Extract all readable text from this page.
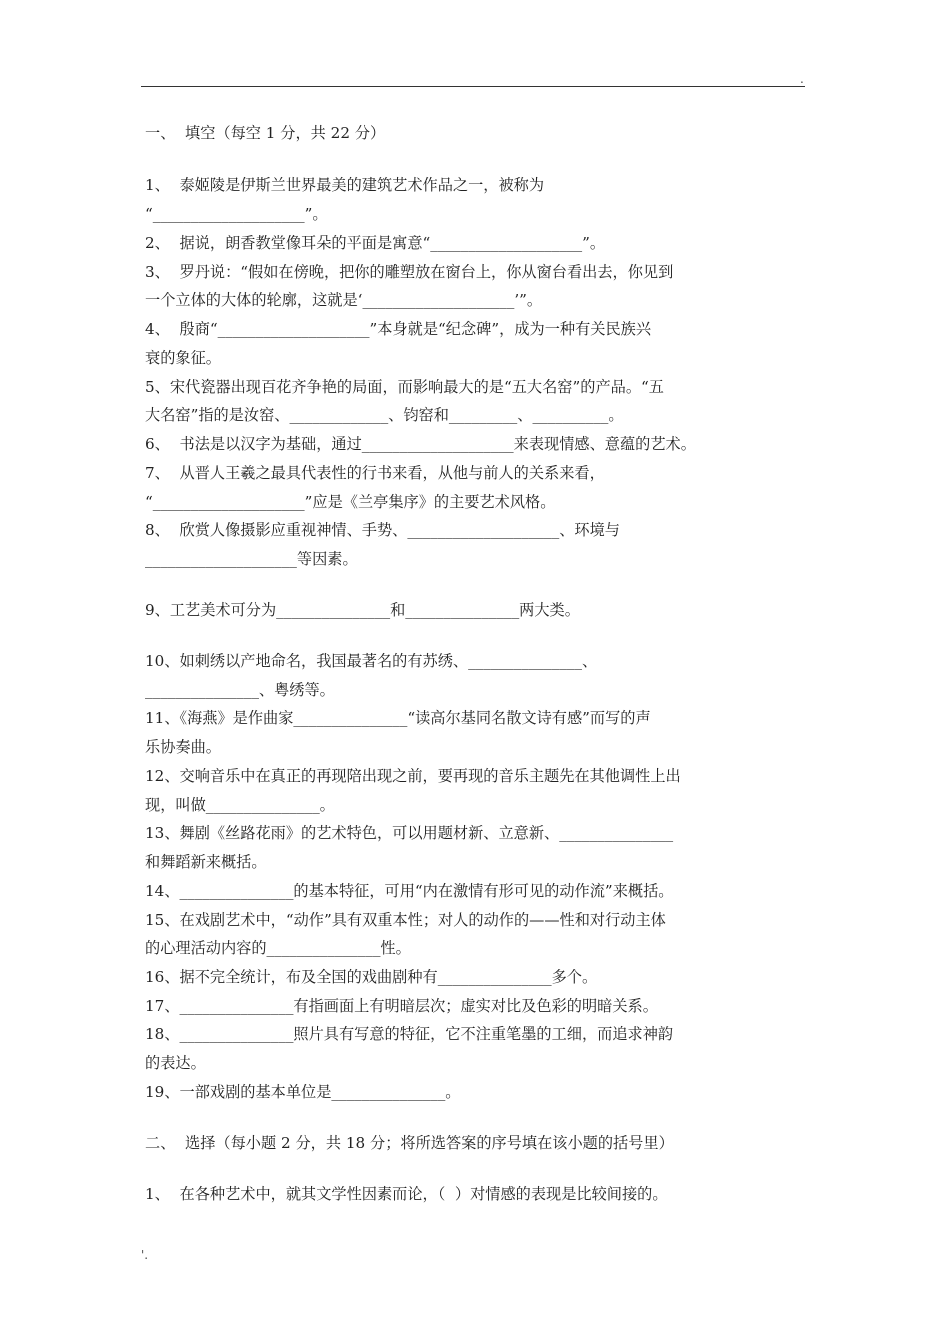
.
一、  填空（每空 1 分，共 22 分）
1、  泰姬陵是伊斯兰世界最美的建筑艺术作品之一，被称为
“____________________”。
2、  据说，朗香教堂像耳朵的平面是寓意“____________________”。
3、  罗丹说：“假如在傍晚，把你的雕塑放在窗台上，你从窗台看出去，你见到
一个立体的大体的轮廓，这就是‘____________________’”。
4、  殷商“____________________”本身就是“纪念碑”，成为一种有关民族兴
衰的象征。
5、宋代瓷器出现百花齐争艳的局面，而影响最大的是“五大名窑”的产品。“五
大名窑”指的是汝窑、_____________、钧窑和_________、__________。
6、  书法是以汉字为基础，通过____________________来表现情感、意蕴的艺术。
7、  从晋人王羲之最具代表性的行书来看，从他与前人的关系来看，
“____________________”应是《兰亭集序》的主要艺术风格。
8、  欣赏人像摄影应重视神情、手势、____________________、环境与
____________________等因素。
9、工艺美术可分为_______________和_______________两大类。
10、如刺绣以产地命名，我国最著名的有苏绣、_______________、
_______________、粤绣等。
11、《海燕》是作曲家_______________“读高尔基同名散文诗有感”而写的声
乐协奏曲。
12、交响音乐中在真正的再现陪出现之前，要再现的音乐主题先在其他调性上出
现，叫做_______________。
13、舞剧《丝路花雨》的艺术特色，可以用题材新、立意新、_______________
和舞蹈新来概括。
14、_______________的基本特征，可用“内在激情有形可见的动作流”来概括。
15、在戏剧艺术中，“动作”具有双重本性；对人的动作的——性和对行动主体
的心理活动内容的_______________性。
16、据不完全统计，布及全国的戏曲剧种有_______________多个。
17、_______________有指画面上有明暗层次；虚实对比及色彩的明暗关系。
18、_______________照片具有写意的特征，它不注重笔墨的工细，而追求神韵
的表达。
19、一部戏剧的基本单位是_______________。
二、  选择（每小题 2 分，共 18 分；将所选答案的序号填在该小题的括号里）
1、  在各种艺术中，就其文学性因素而论，（  ）对情感的表现是比较间接的。
'.
